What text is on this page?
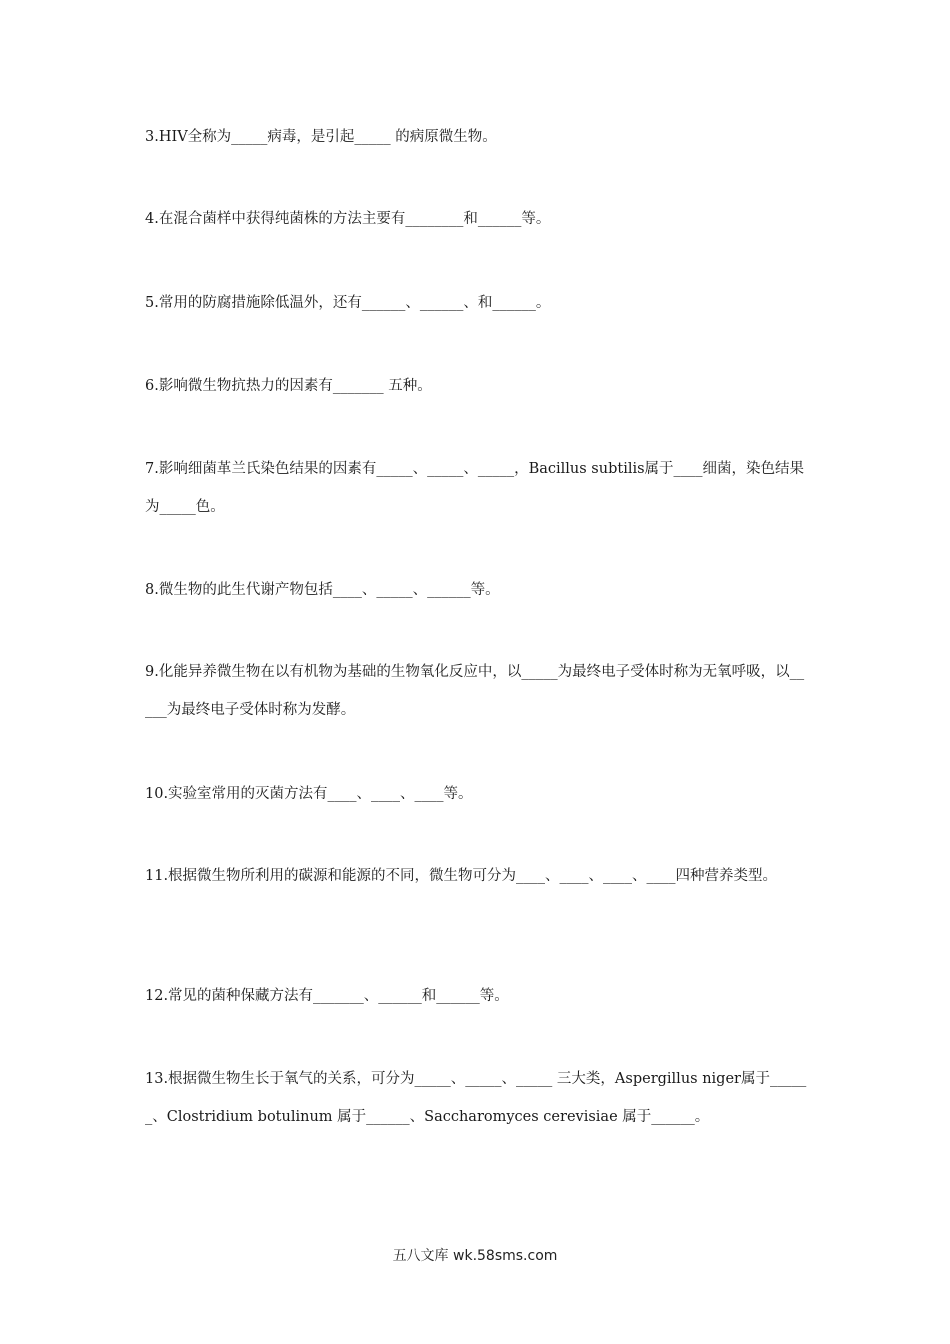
3.HIV全称为_____病毒，是引起_____ 的病原微生物。
4.在混合菌样中获得纯菌株的方法主要有________和______等。
5.常用的防腐措施除低温外，还有______、______、和______。
6.影响微生物抗热力的因素有_______ 五种。
7.影响细菌革兰氏染色结果的因素有_____、_____、_____，Bacillus subtilis属于____细菌，染色结果为_____色。
8.微生物的此生代谢产物包括____、_____、______等。
9.化能异养微生物在以有机物为基础的生物氧化反应中，以_____为最终电子受体时称为无氧呼吸，以_____为最终电子受体时称为发酵。
10.实验室常用的灭菌方法有____、____、____等。
11.根据微生物所利用的碳源和能源的不同，微生物可分为____、____、____、____四种营养类型。
12.常见的菌种保藏方法有_______、______和______等。
13.根据微生物生长于氧气的关系，可分为_____、_____、_____ 三大类，Aspergillus niger属于______、Clostridium botulinum 属于______、Saccharomyces cerevisiae 属于______。
五八文库 wk.58sms.com
